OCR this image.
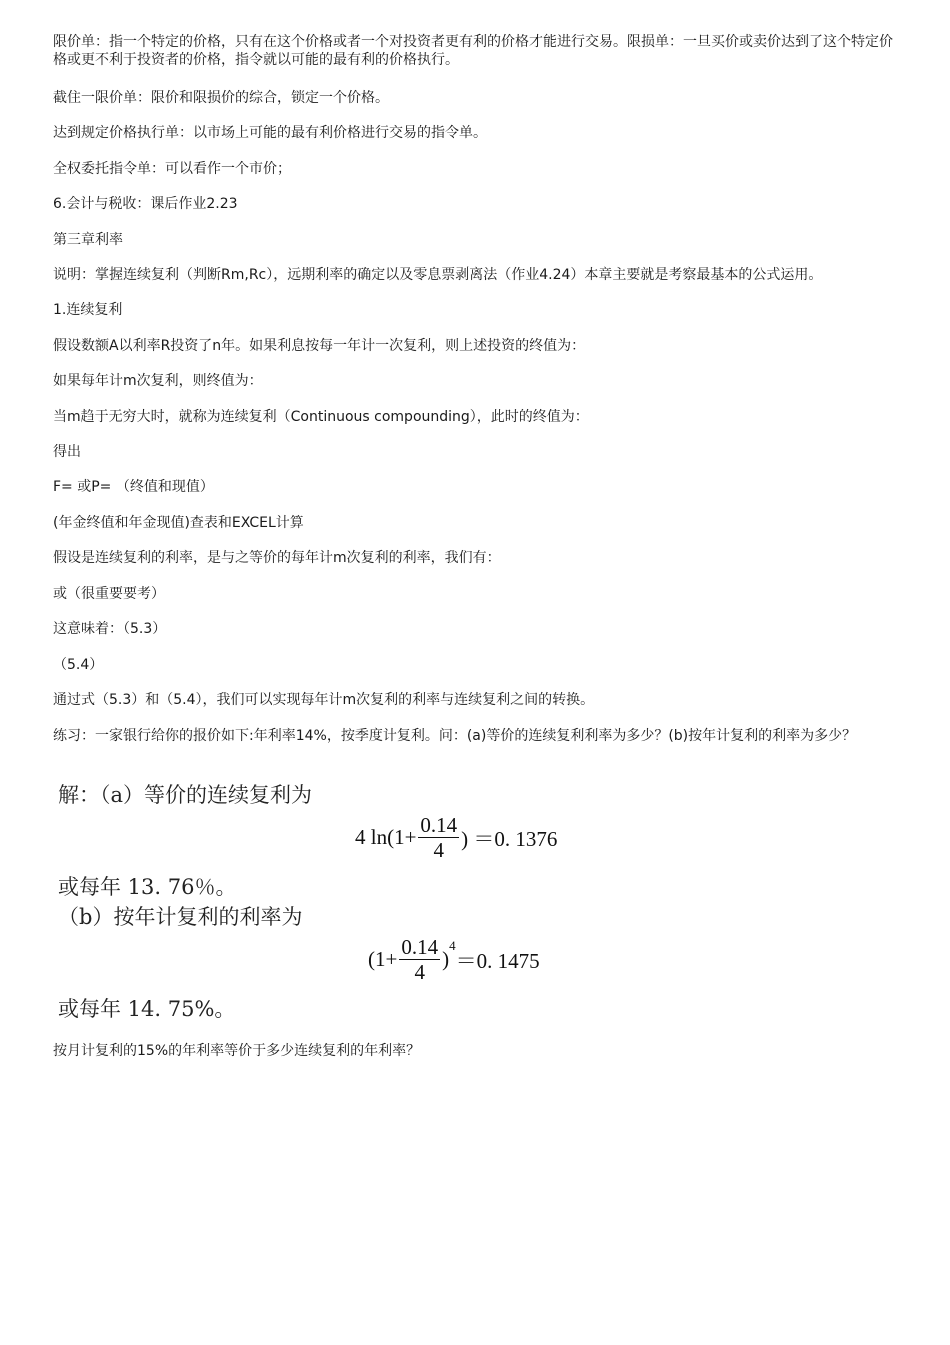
限价单：指一个特定的价格，只有在这个价格或者一个对投资者更有利的价格才能进行交易。限损单：一旦买价或卖价达到了这个特定价格或更不利于投资者的价格，指令就以可能的最有利的价格执行。

截住一限价单：限价和限损价的综合，锁定一个价格。

达到规定价格执行单：以市场上可能的最有利价格进行交易的指令单。

全权委托指令单：可以看作一个市价；

6.会计与税收：课后作业2.23

第三章利率

说明：掌握连续复利（判断Rm,Rc），远期利率的确定以及零息票剥离法（作业4.24）本章主要就是考察最基本的公式运用。

1.连续复利

假设数额A以利率R投资了n年。如果利息按每一年计一次复利，则上述投资的终值为：

如果每年计m次复利，则终值为：

当m趋于无穷大时，就称为连续复利（Continuous compounding），此时的终值为：

得出

F= 或P= （终值和现值）

(年金终值和年金现值)查表和EXCEL计算

假设是连续复利的利率，是与之等价的每年计m次复利的利率，我们有：

或（很重要要考）

这意味着：（5.3）

（5.4）

通过式（5.3）和（5.4），我们可以实现每年计m次复利的利率与连续复利之间的转换。

练习：一家银行给你的报价如下:年利率14%，按季度计复利。问：(a)等价的连续复利利率为多少？(b)按年计复利的利率为多少？

解：（a）等价的连续复利为
4 $\ln(1+ \frac{0.14}{4}$ ) ＝0. 1376
或每年 13. 76％。
（b）按年计复利的利率为
($1+ \frac{0.14}{4}$ )
4
＝0. 1475
或每年 14. 75%。

按月计复利的15%的年利率等价于多少连续复利的年利率？
